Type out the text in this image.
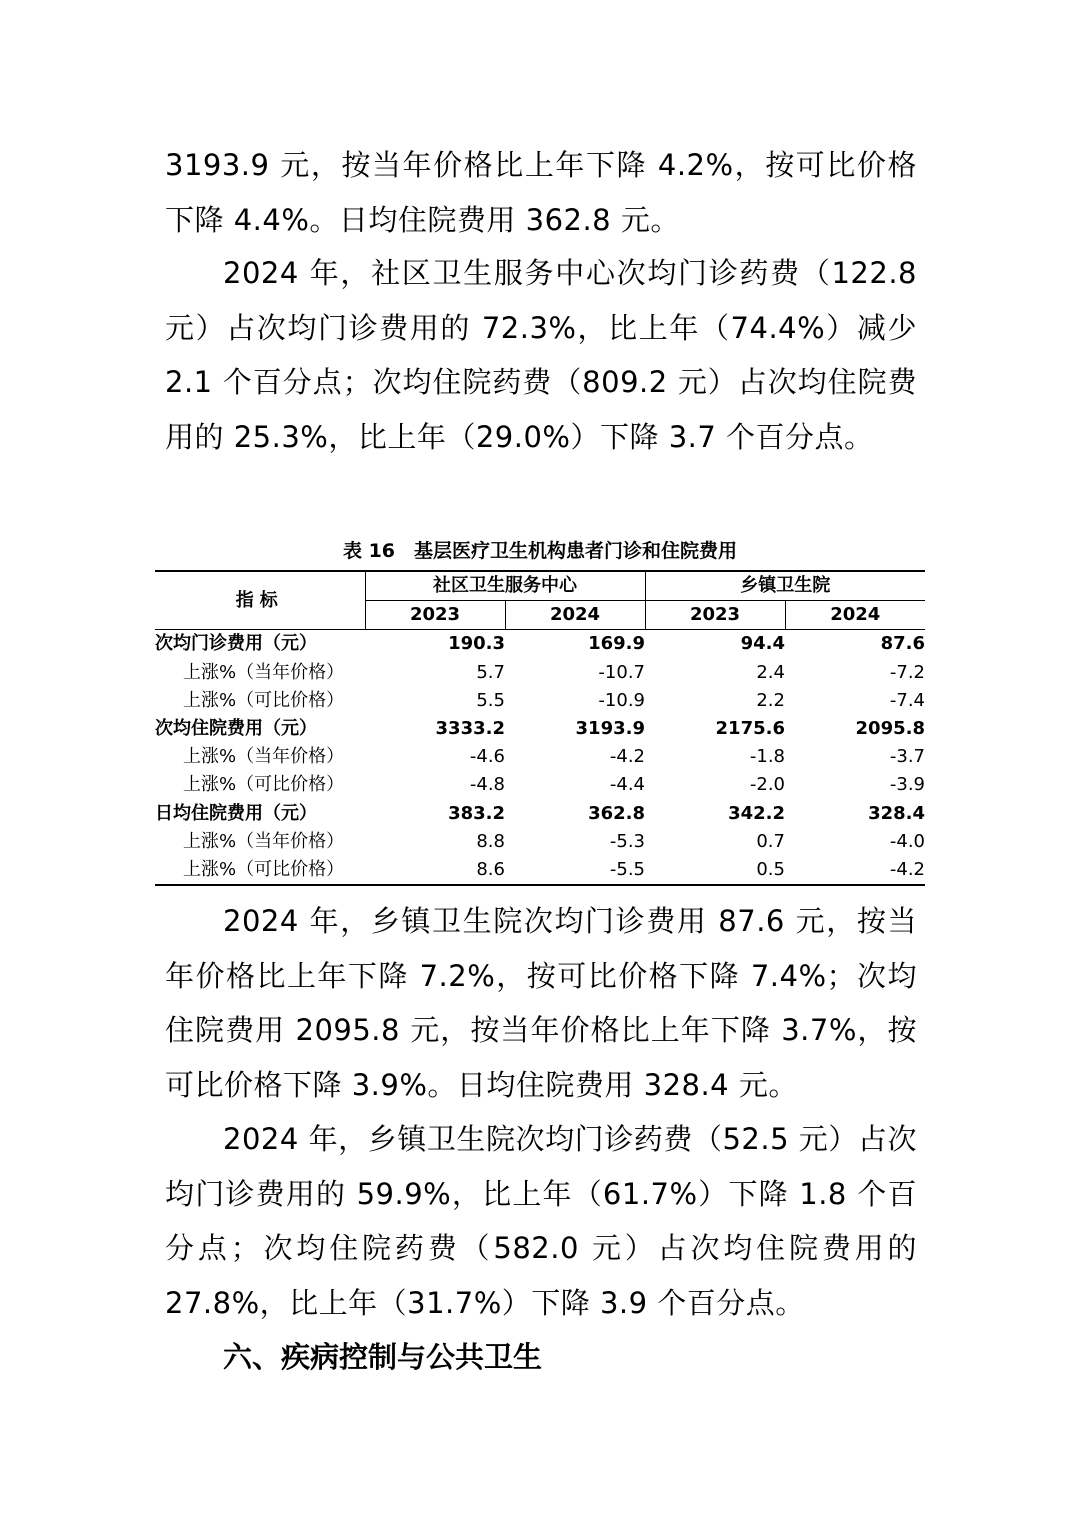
3193.9 元，按当年价格比上年下降 4.2%，按可比价格下降 4.4%。日均住院费用 362.8 元。

2024 年，社区卫生服务中心次均门诊药费（122.8 元）占次均门诊费用的 72.3%，比上年（74.4%）减少 2.1 个百分点；次均住院药费（809.2 元）占次均住院费用的 25.3%，比上年（29.0%）下降 3.7 个百分点。

表 16　基层医疗卫生机构患者门诊和住院费用
指标	社区卫生服务中心		乡镇卫生院	
	2023	2024	2023	2024
次均门诊费用（元）	190.3	169.9	94.4	87.6
上涨%（当年价格）	5.7	-10.7	2.4	-7.2
上涨%（可比价格）	5.5	-10.9	2.2	-7.4
次均住院费用（元）	3333.2	3193.9	2175.6	2095.8
上涨%（当年价格）	-4.6	-4.2	-1.8	-3.7
上涨%（可比价格）	-4.8	-4.4	-2.0	-3.9
日均住院费用（元）	383.2	362.8	342.2	328.4
上涨%（当年价格）	8.8	-5.3	0.7	-4.0
上涨%（可比价格）	8.6	-5.5	0.5	-4.2

2024 年，乡镇卫生院次均门诊费用 87.6 元，按当年价格比上年下降 7.2%，按可比价格下降 7.4%；次均住院费用 2095.8 元，按当年价格比上年下降 3.7%，按可比价格下降 3.9%。日均住院费用 328.4 元。

2024 年，乡镇卫生院次均门诊药费（52.5 元）占次均门诊费用的 59.9%，比上年（61.7%）下降 1.8 个百分点；次均住院药费（582.0 元）占次均住院费用的 27.8%，比上年（31.7%）下降 3.9 个百分点。

六、疾病控制与公共卫生
